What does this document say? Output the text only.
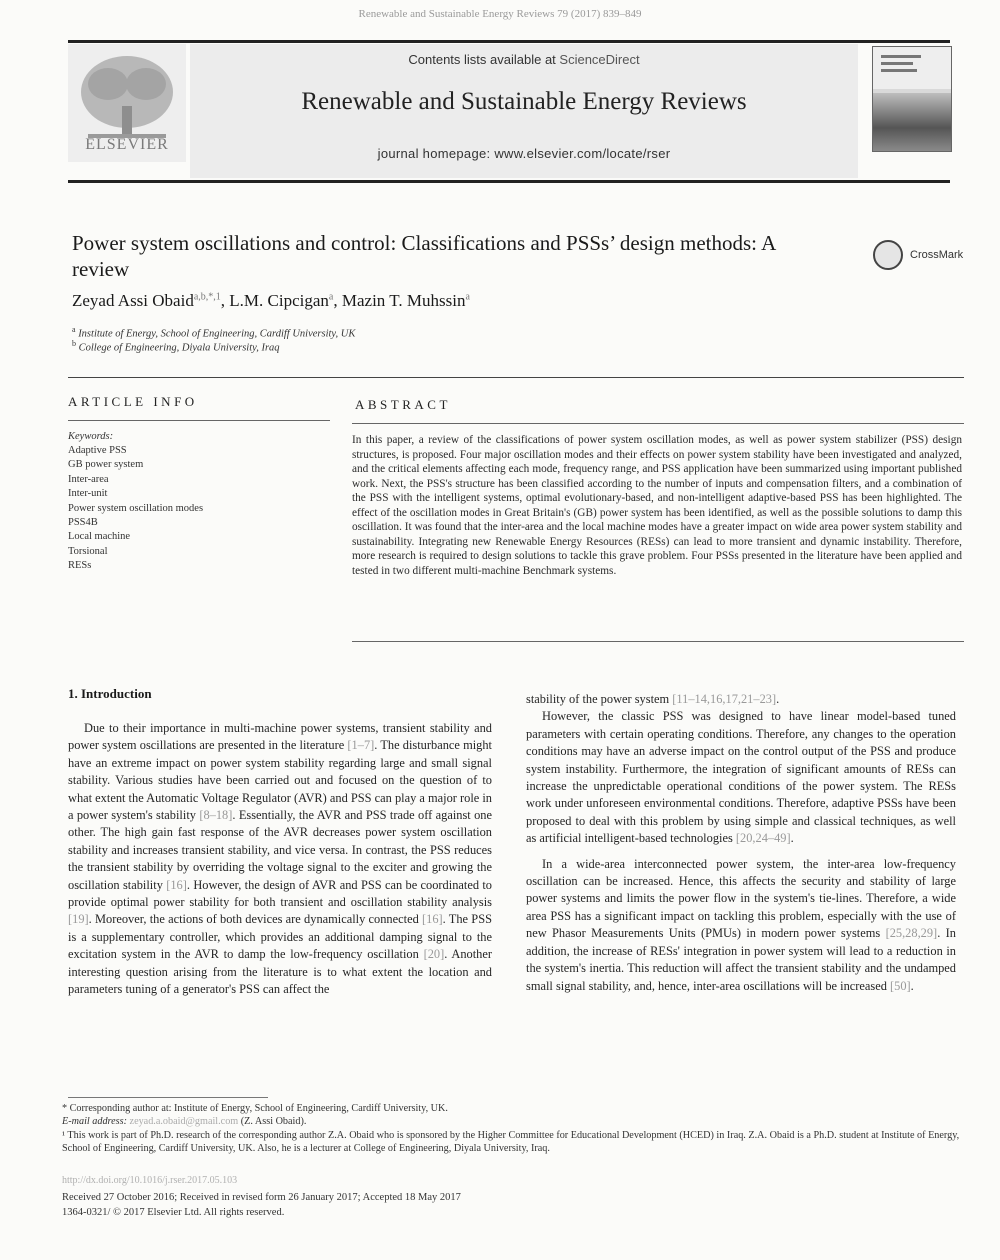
Renewable and Sustainable Energy Reviews 79 (2017) 839–849
ELSEVIER
Contents lists available at ScienceDirect
Renewable and Sustainable Energy Reviews
journal homepage: www.elsevier.com/locate/rser
Power system oscillations and control: Classifications and PSSs’ design methods: A review
CrossMark
Zeyad Assi Obaid$^{a,b,*,1}$, L.M. Cipcigan$^a$, Mazin T. Muhssin$^a$
$^a$ Institute of Energy, School of Engineering, Cardiff University, UK
$^b$ College of Engineering, Diyala University, Iraq
ARTICLE INFO	ABSTRACT
Keywords:
Adaptive PSS
GB power system
Inter-area
Inter-unit
Power system oscillation modes
PSS4B
Local machine
Torsional
RESs

In this paper, a review of the classifications of power system oscillation modes, as well as power system stabilizer (PSS) design structures, is proposed. Four major oscillation modes and their effects on power system stability have been investigated and analyzed, and the critical elements affecting each mode, frequency range, and PSS application have been summarized using important published work. Next, the PSS's structure has been classified according to the number of inputs and compensation filters, and a combination of the PSS with the intelligent systems, optimal evolutionary-based, and non-intelligent adaptive-based PSS has been highlighted. The effect of the oscillation modes in Great Britain's (GB) power system has been identified, as well as the possible solutions to damp this oscillation. It was found that the inter-area and the local machine modes have a greater impact on wide area power system stability and sustainability. Integrating new Renewable Energy Resources (RESs) can lead to more transient and dynamic instability. Therefore, more research is required to design solutions to tackle this grave problem. Four PSSs presented in the literature have been applied and tested in two different multi-machine Benchmark systems.

1. Introduction

Due to their importance in multi-machine power systems, transient stability and power system oscillations are presented in the literature [1–7]. The disturbance might have an extreme impact on power system stability regarding large and small signal stability. Various studies have been carried out and focused on the question of to what extent the Automatic Voltage Regulator (AVR) and PSS can play a major role in a power system's stability [8–18]. Essentially, the AVR and PSS trade off against one other. The high gain fast response of the AVR decreases power system oscillation stability and increases transient stability, and vice versa. In contrast, the PSS reduces the transient stability by overriding the voltage signal to the exciter and growing the oscillation stability [16]. However, the design of AVR and PSS can be coordinated to provide optimal power stability for both transient and oscillation stability analysis [19]. Moreover, the actions of both devices are dynamically connected [16]. The PSS is a supplementary controller, which provides an additional damping signal to the excitation system in the AVR to damp the low-frequency oscillation [20]. Another interesting question arising from the literature is to what extent the location and parameters tuning of a generator's PSS can affect the

stability of the power system [11–14,16,17,21–23].

However, the classic PSS was designed to have linear model-based tuned parameters with certain operating conditions. Therefore, any changes to the operation conditions may have an adverse impact on the control output of the PSS and produce system instability. Furthermore, the integration of significant amounts of RESs can increase the unpredictable operational conditions of the power system. The RESs work under unforeseen environmental conditions. Therefore, adaptive PSSs have been proposed to deal with this problem by using simple and classical techniques, as well as artificial intelligent-based technologies [20,24–49].

In a wide-area interconnected power system, the inter-area low-frequency oscillation can be increased. Hence, this affects the security and stability of large power systems and limits the power flow in the system's tie-lines. Therefore, a wide area PSS has a significant impact on tackling this problem, especially with the use of new Phasor Measurements Units (PMUs) in modern power systems [25,28,29]. In addition, the increase of RESs' integration in power system will lead to a reduction in the system's inertia. This reduction will affect the transient stability and the undamped small signal stability, and, hence, inter-area oscillations will be increased [50].

* Corresponding author at: Institute of Energy, School of Engineering, Cardiff University, UK.

E-mail address: zeyad.a.obaid@gmail.com (Z. Assi Obaid).

¹ This work is part of Ph.D. research of the corresponding author Z.A. Obaid who is sponsored by the Higher Committee for Educational Development (HCED) in Iraq. Z.A. Obaid is a Ph.D. student at Institute of Energy, School of Engineering, Cardiff University, UK. Also, he is a lecturer at College of Engineering, Diyala University, Iraq.

http://dx.doi.org/10.1016/j.rser.2017.05.103
Received 27 October 2016; Received in revised form 26 January 2017; Accepted 18 May 2017
1364-0321/ © 2017 Elsevier Ltd. All rights reserved.
